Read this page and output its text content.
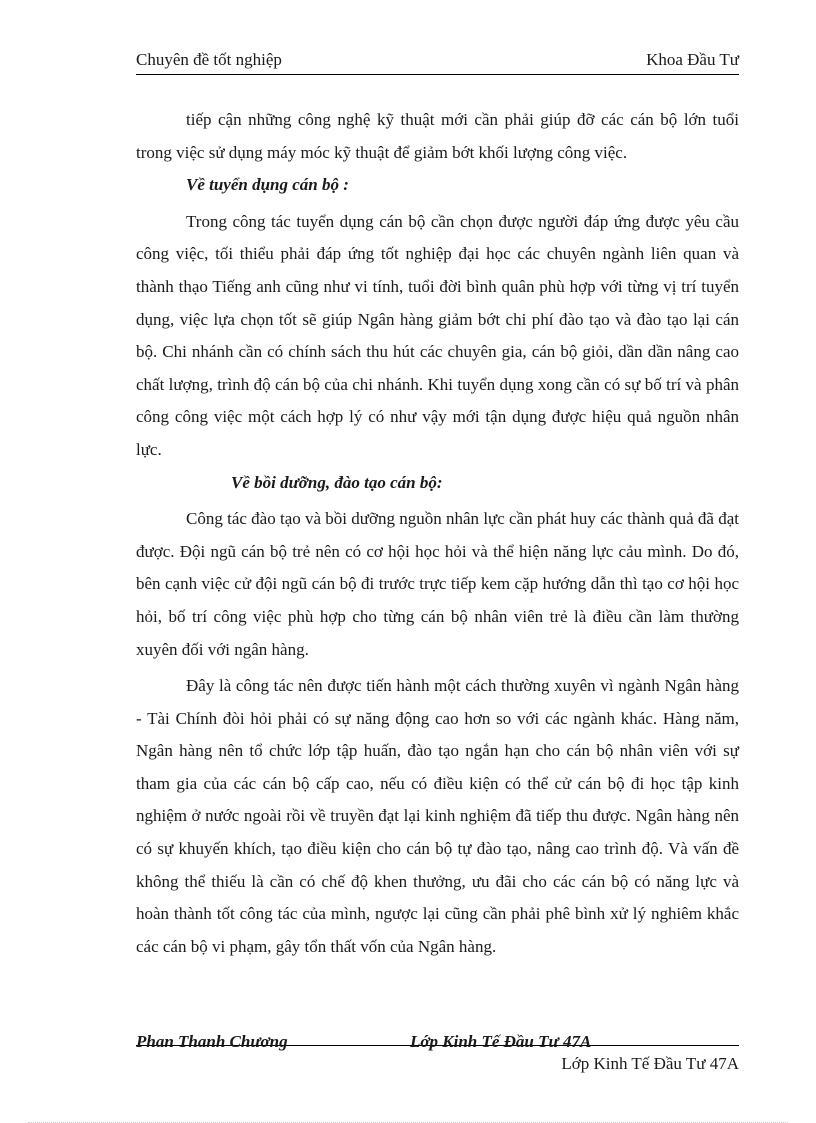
Chuyên đề tốt nghiệp	Khoa Đầu Tư

tiếp cận những công nghệ kỹ thuật mới cần phải giúp đỡ các cán bộ lớn tuổi trong việc sử dụng máy móc kỹ thuật để giảm bớt khối lượng công việc.

Về tuyển dụng cán bộ :

Trong công tác tuyển dụng cán bộ cần chọn được người đáp ứng được yêu cầu công việc, tối thiểu phải đáp ứng tốt nghiệp đại học các chuyên ngành liên quan và thành thạo Tiếng anh cũng như vi tính, tuổi đời bình quân phù hợp với từng vị trí tuyển dụng, việc lựa chọn tốt sẽ giúp Ngân hàng giảm bớt chi phí đào tạo và đào tạo lại cán bộ. Chi nhánh cần có chính sách thu hút các chuyên gia, cán bộ giỏi, dần dần nâng cao chất lượng, trình độ cán bộ của chi nhánh. Khi tuyển dụng xong cần có sự bố trí và phân công công việc một cách hợp lý có như vậy mới tận dụng được hiệu quả nguồn nhân lực.

Về bồi dưỡng, đào tạo cán bộ:

Công tác đào tạo và bồi dưỡng nguồn nhân lực cần phát huy các thành quả đã đạt được. Đội ngũ cán bộ trẻ nên có cơ hội học hỏi và thể hiện năng lực cảu mình. Do đó, bên cạnh việc cử đội ngũ cán bộ đi trước trực tiếp kem cặp hướng dẫn thì tạo cơ hội học hỏi, bố trí công việc phù hợp cho từng cán bộ nhân viên trẻ là điều cần làm thường xuyên đối với ngân hàng.

Đây là công tác nên được tiến hành một cách thường xuyên vì ngành Ngân hàng - Tài Chính đòi hỏi phải có sự năng động cao hơn so với các ngành khác. Hàng năm, Ngân hàng nên tổ chức lớp tập huấn, đào tạo ngắn hạn cho cán bộ nhân viên với sự tham gia của các cán bộ cấp cao, nếu có điều kiện có thể cử cán bộ đi học tập kinh nghiệm ở nước ngoài rồi về truyền đạt lại kinh nghiệm đã tiếp thu được. Ngân hàng nên có sự khuyến khích, tạo điều kiện cho cán bộ tự đào tạo, nâng cao trình độ. Và vấn đề không thể thiếu là cần có chế độ khen thưởng, ưu đãi cho các cán bộ có năng lực và hoàn thành tốt công tác của mình, ngược lại cũng cần phải phê bình xử lý nghiêm khắc các cán bộ vi phạm, gây tổn thất vốn của Ngân hàng.

Phan Thanh Chương	Lớp Kinh Tế Đầu Tư 47A
Lớp Kinh Tế Đầu Tư 47A
